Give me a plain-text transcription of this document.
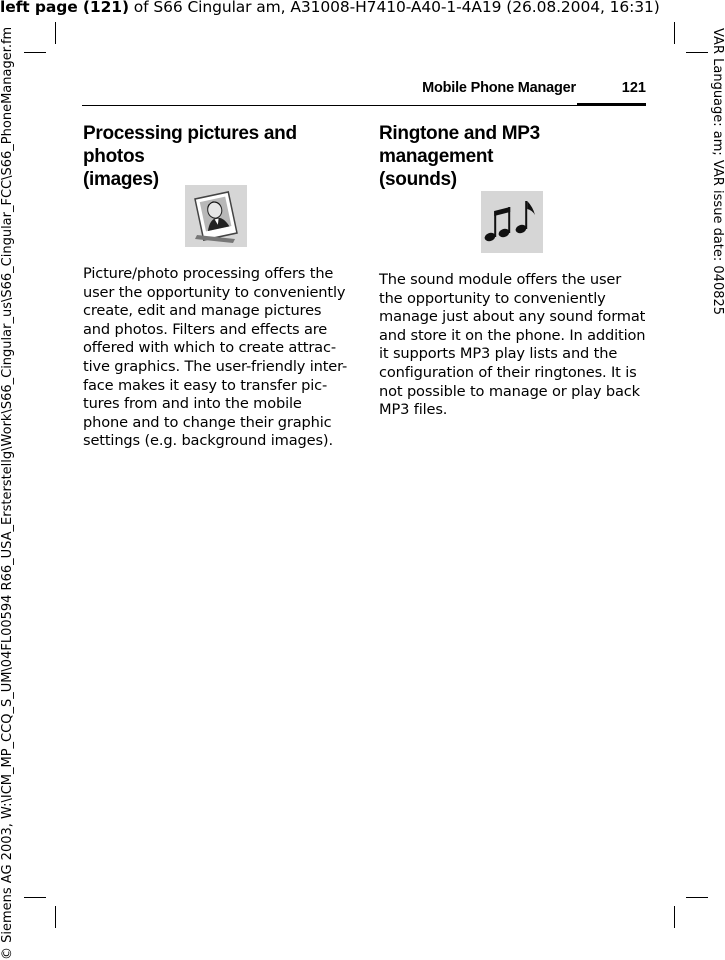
left page (121) of S66 Cingular am, A31008-H7410-A40-1-4A19 (26.08.2004, 16:31)
© Siemens AG 2003, W:\ICM_MP_CCQ_S_UM\04FL00594 R66_USA_Ersterstellg\Work\S66_Cingular_us\S66_Cingular_FCC\S66_PhoneManager.fm	VAR Language: am; VAR issue date: 040825
Mobile Phone Manager	121
Processing pictures and photos
(images)
Picture/photo processing offers the
user the opportunity to conveniently
create, edit and manage pictures
and photos. Filters and effects are
offered with which to create attrac-
tive graphics. The user-friendly inter-
face makes it easy to transfer pic-
tures from and into the mobile
phone and to change their graphic
settings (e.g. background images).
Ringtone and MP3 management
(sounds)
The sound module offers the user
the opportunity to conveniently
manage just about any sound format
and store it on the phone. In addition
it supports MP3 play lists and the
configuration of their ringtones. It is
not possible to manage or play back
MP3 files.
